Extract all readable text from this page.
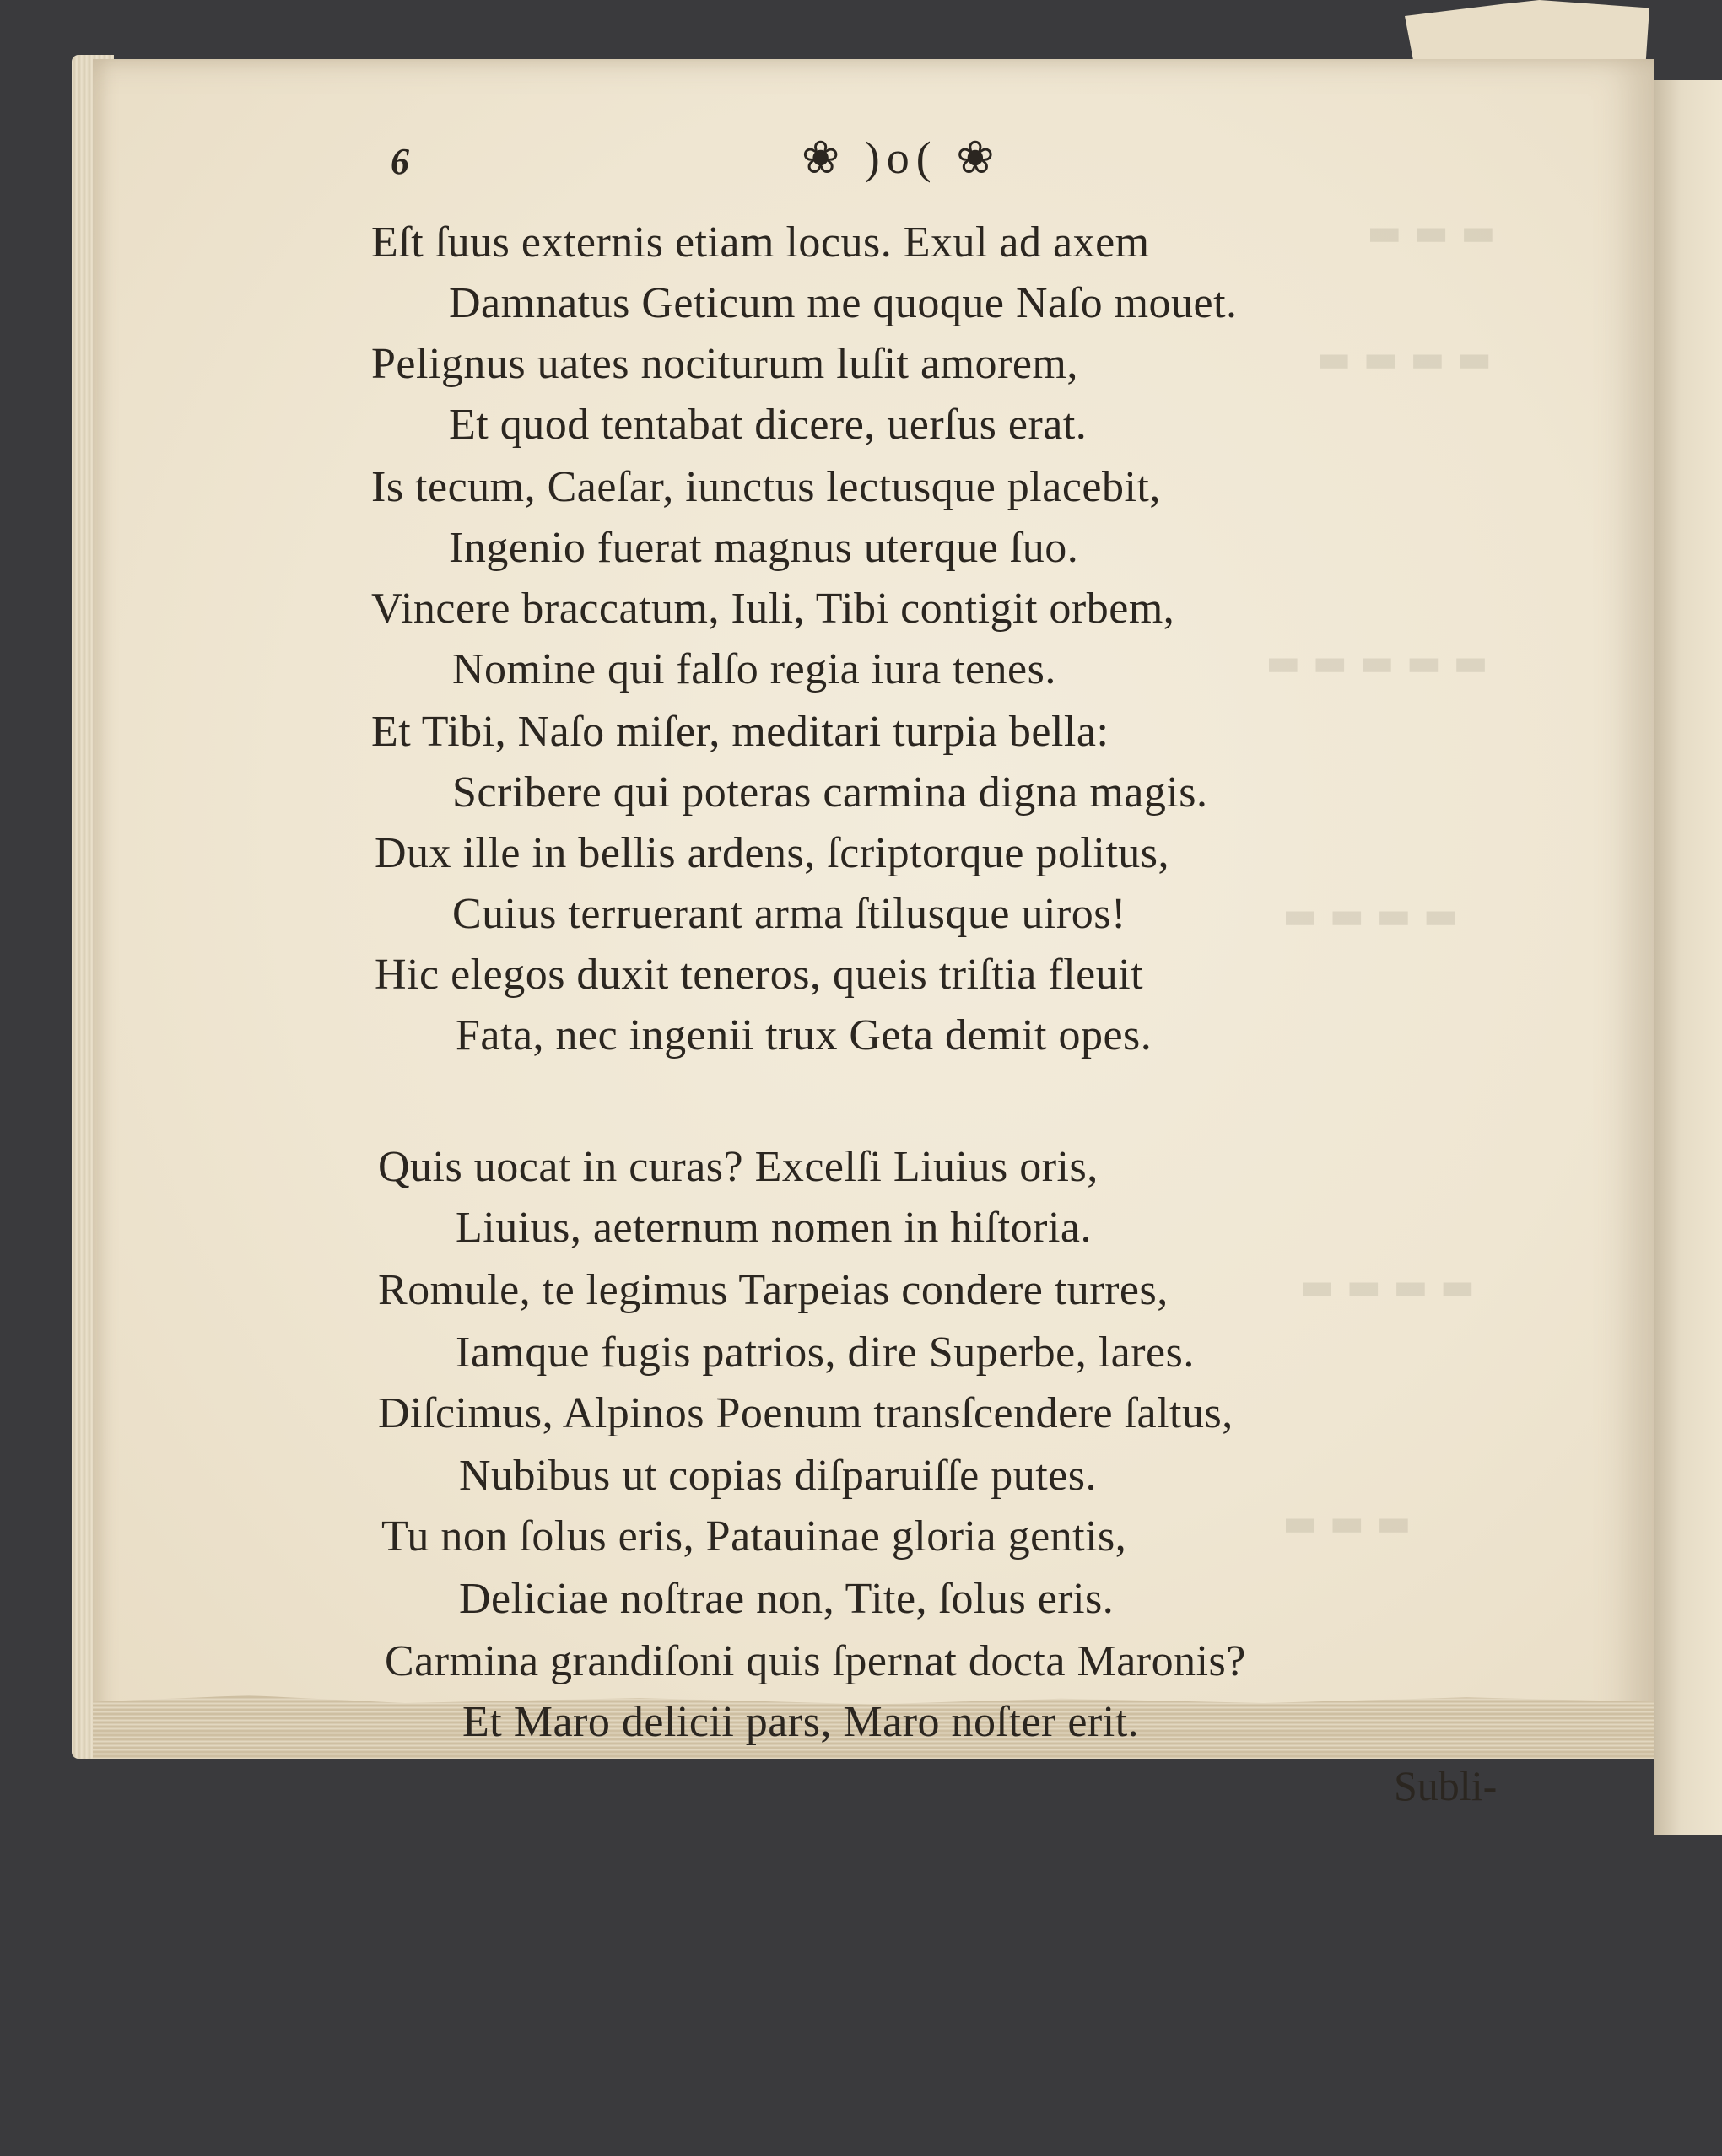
▬ ▬ ▬
▬ ▬ ▬ ▬
▬ ▬ ▬ ▬ ▬
▬ ▬ ▬ ▬
▬ ▬ ▬ ▬
▬ ▬ ▬
6	❀ )o( ❀
Eſt ſuus externis etiam locus. Exul ad axem
Damnatus Geticum me quoque Naſo mouet.
Pelignus uates nociturum luſit amorem,
Et quod tentabat dicere, uerſus erat.
Is tecum, Caeſar, iunctus lectusque placebit,
Ingenio fuerat magnus uterque ſuo.
Vincere braccatum, Iuli, Tibi contigit orbem,
Nomine qui falſo regia iura tenes.
Et Tibi, Naſo miſer, meditari turpia bella:
Scribere qui poteras carmina digna magis.
Dux ille in bellis ardens, ſcriptorque politus,
Cuius terruerant arma ſtilusque uiros!
Hic elegos duxit teneros, queis triſtia fleuit
Fata, nec ingenii trux Geta demit opes.
Quis uocat in curas? Excelſi Liuius oris,
Liuius, aeternum nomen in hiſtoria.
Romule, te legimus Tarpeias condere turres,
Iamque fugis patrios, dire Superbe, lares.
Diſcimus, Alpinos Poenum transſcendere ſaltus,
Nubibus ut copias diſparuiſſe putes.
Tu non ſolus eris, Patauinae gloria gentis,
Deliciae noſtrae non, Tite, ſolus eris.
Carmina grandiſoni quis ſpernat docta Maronis?
Et Maro delicii pars, Maro noſter erit.
Subli-
